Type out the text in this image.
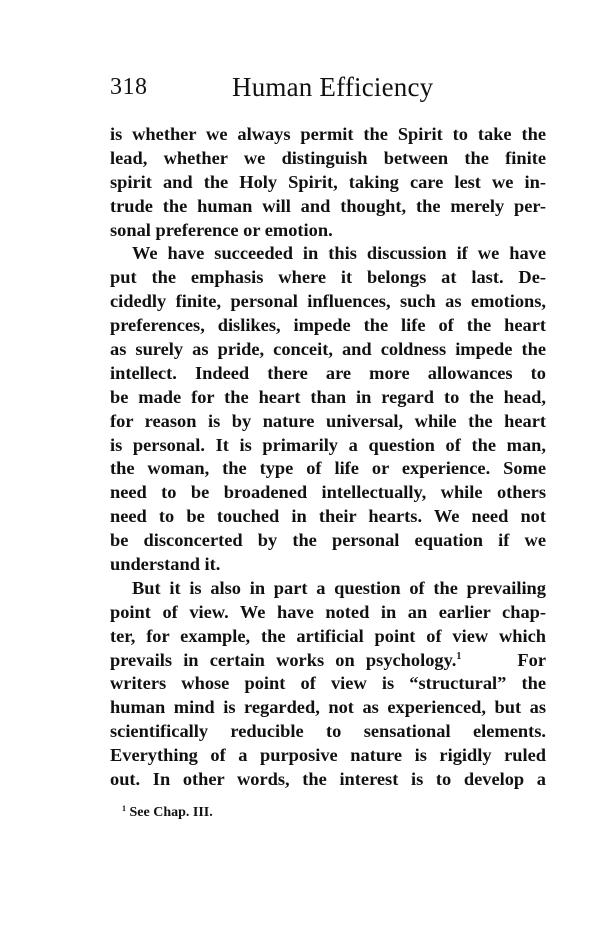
318	Human Efficiency
is whether we always permit the Spirit to take the
lead, whether we distinguish between the finite
spirit and the Holy Spirit, taking care lest we in-
trude the human will and thought, the merely per-
sonal preference or emotion.
We have succeeded in this discussion if we have
put the emphasis where it belongs at last. De-
cidedly finite, personal influences, such as emotions,
preferences, dislikes, impede the life of the heart
as surely as pride, conceit, and coldness impede the
intellect. Indeed there are more allowances to
be made for the heart than in regard to the head,
for reason is by nature universal, while the heart
is personal. It is primarily a question of the man,
the woman, the type of life or experience. Some
need to be broadened intellectually, while others
need to be touched in their hearts. We need not
be disconcerted by the personal equation if we
understand it.
But it is also in part a question of the prevailing
point of view. We have noted in an earlier chap-
ter, for example, the artificial point of view which
prevails in certain works on psychology.$^1$	For
writers whose point of view is “structural” the
human mind is regarded, not as experienced, but as
scientifically reducible to sensational elements.
Everything of a purposive nature is rigidly ruled
out. In other words, the interest is to develop a
$^1$ See Chap. III.
